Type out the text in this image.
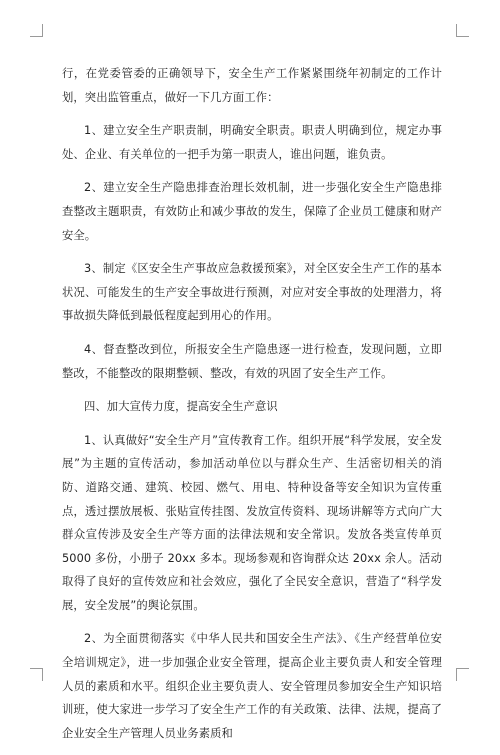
行，在党委管委的正确领导下，安全生产工作紧紧围绕年初制定的工作计划，突出监管重点，做好一下几方面工作：

1、建立安全生产职责制，明确安全职责。职责人明确到位，规定办事处、企业、有关单位的一把手为第一职责人，谁出问题，谁负责。

2、建立安全生产隐患排查治理长效机制，进一步强化安全生产隐患排查整改主题职责，有效防止和减少事故的发生，保障了企业员工健康和财产安全。

3、制定《区安全生产事故应急救援预案》，对全区安全生产工作的基本状况、可能发生的生产安全事故进行预测，对应对安全事故的处理潜力，将事故损失降低到最低程度起到用心的作用。

4、督查整改到位，所报安全生产隐患逐一进行检查，发现问题，立即整改，不能整改的限期整顿、整改，有效的巩固了安全生产工作。

四、加大宣传力度，提高安全生产意识

1、认真做好“安全生产月”宣传教育工作。组织开展“科学发展，安全发展”为主题的宣传活动，参加活动单位以与群众生产、生活密切相关的消防、道路交通、建筑、校园、燃气、用电、特种设备等安全知识为宣传重点，透过摆放展板、张贴宣传挂图、发放宣传资料、现场讲解等方式向广大群众宣传涉及安全生产等方面的法律法规和安全常识。发放各类宣传单页 5000 多份，小册子 20xx 多本。现场参观和咨询群众达 20xx 余人。活动取得了良好的宣传效应和社会效应，强化了全民安全意识，营造了“科学发展，安全发展”的舆论氛围。

2、为全面贯彻落实《中华人民共和国安全生产法》、《生产经营单位安全培训规定》，进一步加强企业安全管理，提高企业主要负责人和安全管理人员的素质和水平。组织企业主要负责人、安全管理员参加安全生产知识培训班，使大家进一步学习了安全生产工作的有关政策、法律、法规，提高了企业安全生产管理人员业务素质和
